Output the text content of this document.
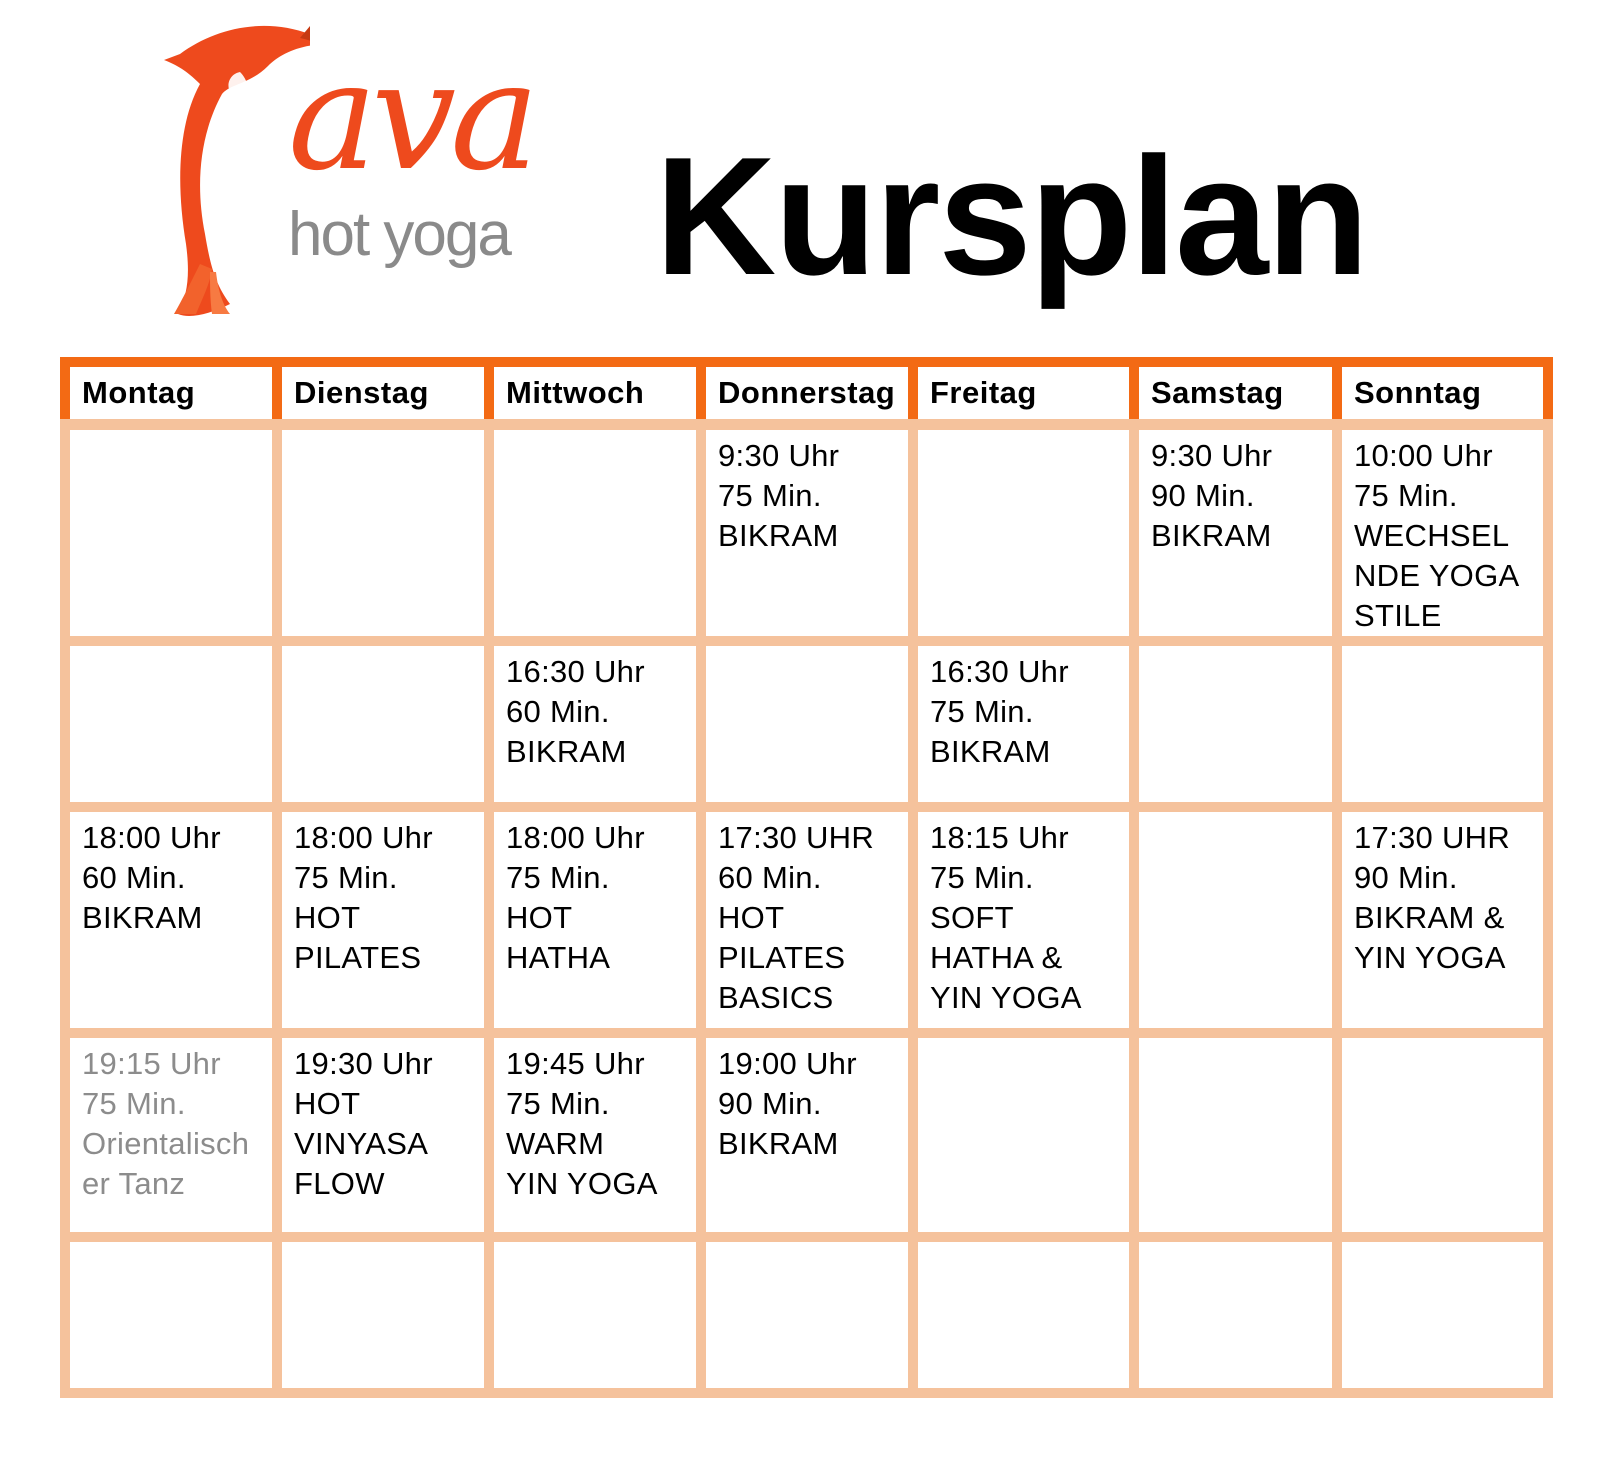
ava
hot yoga Kursplan
Montag	Dienstag	Mittwoch	Donnerstag	Freitag	Samstag	Sonntag

			9:30 Uhr
75 Min.
BIKRAM		9:30 Uhr
90 Min.
BIKRAM	10:00 Uhr
75 Min.
WECHSEL
NDE YOGA
STILE

		16:30 Uhr
60 Min.
BIKRAM		16:30 Uhr
75 Min.
BIKRAM		

18:00 Uhr
60 Min.
BIKRAM	18:00 Uhr
75 Min.
HOT
PILATES	18:00 Uhr
75 Min.
HOT
HATHA	17:30 UHR
60 Min.
HOT
PILATES
BASICS	18:15 Uhr
75 Min.
SOFT
HATHA &
YIN YOGA		17:30 UHR
90 Min.
BIKRAM &
YIN YOGA

19:15 Uhr
75 Min.
Orientalisch
er Tanz	19:30 Uhr
HOT
VINYASA
FLOW	19:45 Uhr
75 Min.
WARM
YIN YOGA	19:00 Uhr
90 Min.
BIKRAM			
